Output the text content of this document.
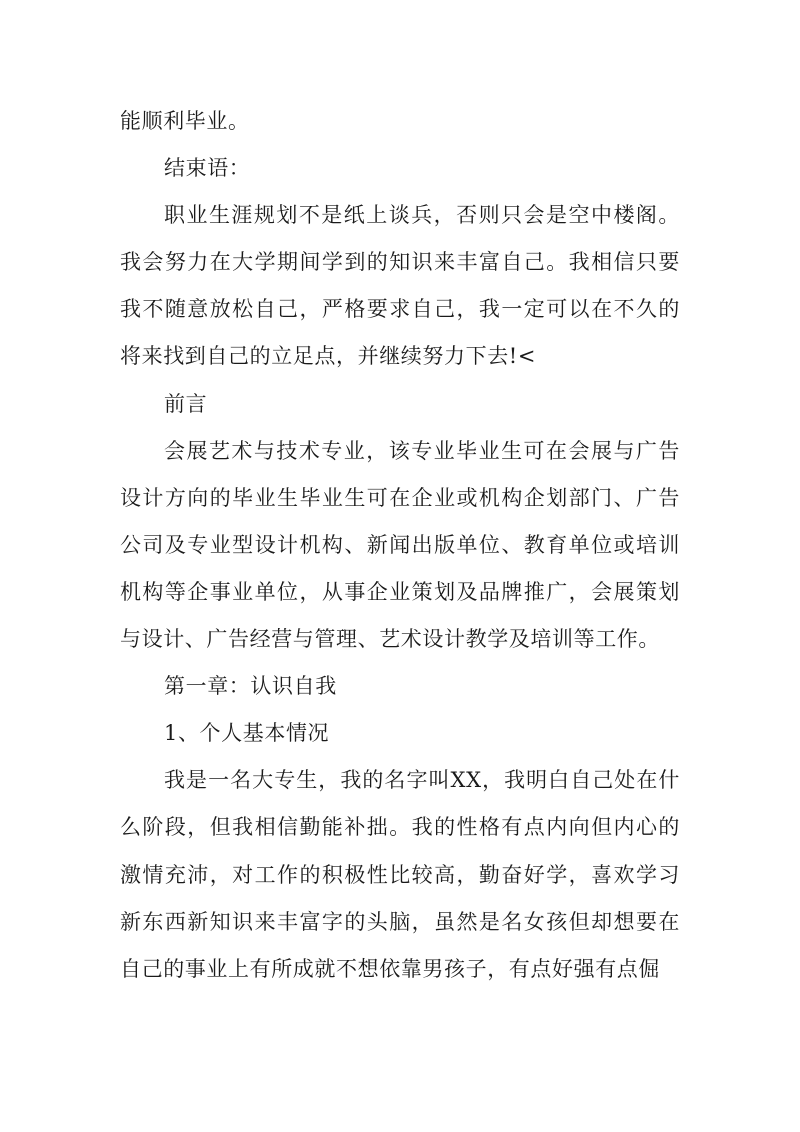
能顺利毕业。

结束语：

职业生涯规划不是纸上谈兵，否则只会是空中楼阁。我会努力在大学期间学到的知识来丰富自己。我相信只要我不随意放松自己，严格要求自己，我一定可以在不久的将来找到自己的立足点，并继续努力下去!<

前言

会展艺术与技术专业，该专业毕业生可在会展与广告设计方向的毕业生毕业生可在企业或机构企划部门、广告公司及专业型设计机构、新闻出版单位、教育单位或培训机构等企事业单位，从事企业策划及品牌推广，会展策划与设计、广告经营与管理、艺术设计教学及培训等工作。

第一章：认识自我

1、个人基本情况

我是一名大专生，我的名字叫XX，我明白自己处在什么阶段，但我相信勤能补拙。我的性格有点内向但内心的激情充沛，对工作的积极性比较高，勤奋好学，喜欢学习新东西新知识来丰富字的头脑，虽然是名女孩但却想要在自己的事业上有所成就不想依靠男孩子，有点好强有点倔
